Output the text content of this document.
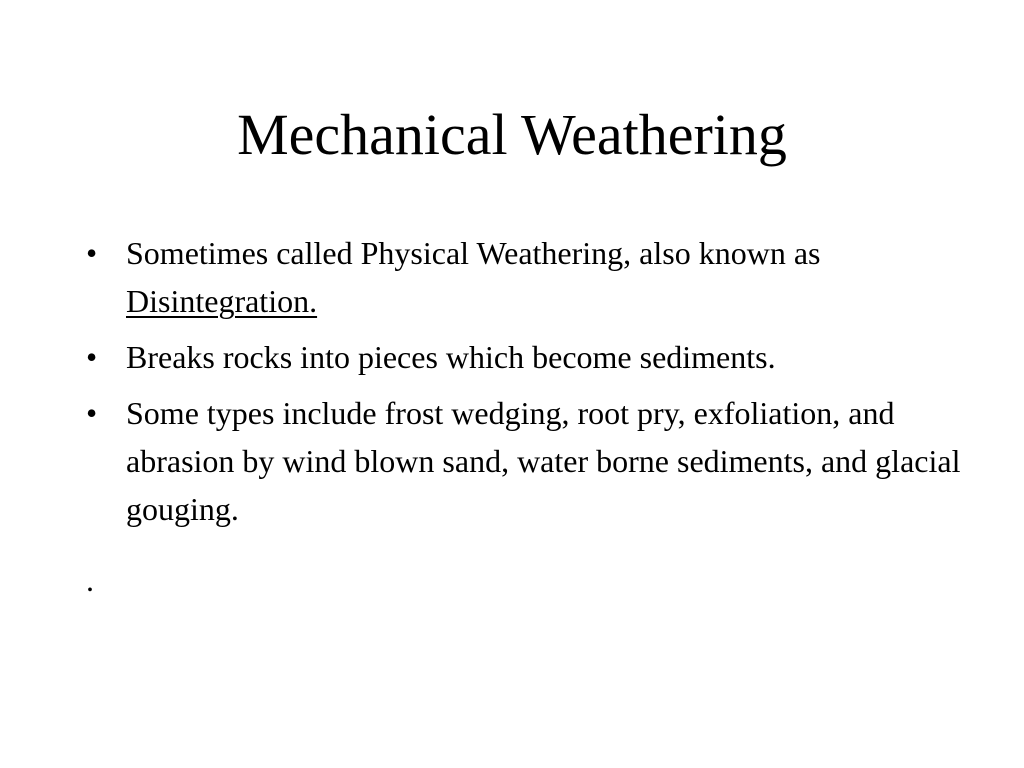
Mechanical Weathering
• Sometimes called Physical Weathering, also known as Disintegration.
• Breaks rocks into pieces which become sediments.
• Some types include frost wedging, root pry, exfoliation, and abrasion by wind blown sand, water borne sediments, and glacial gouging.
.
